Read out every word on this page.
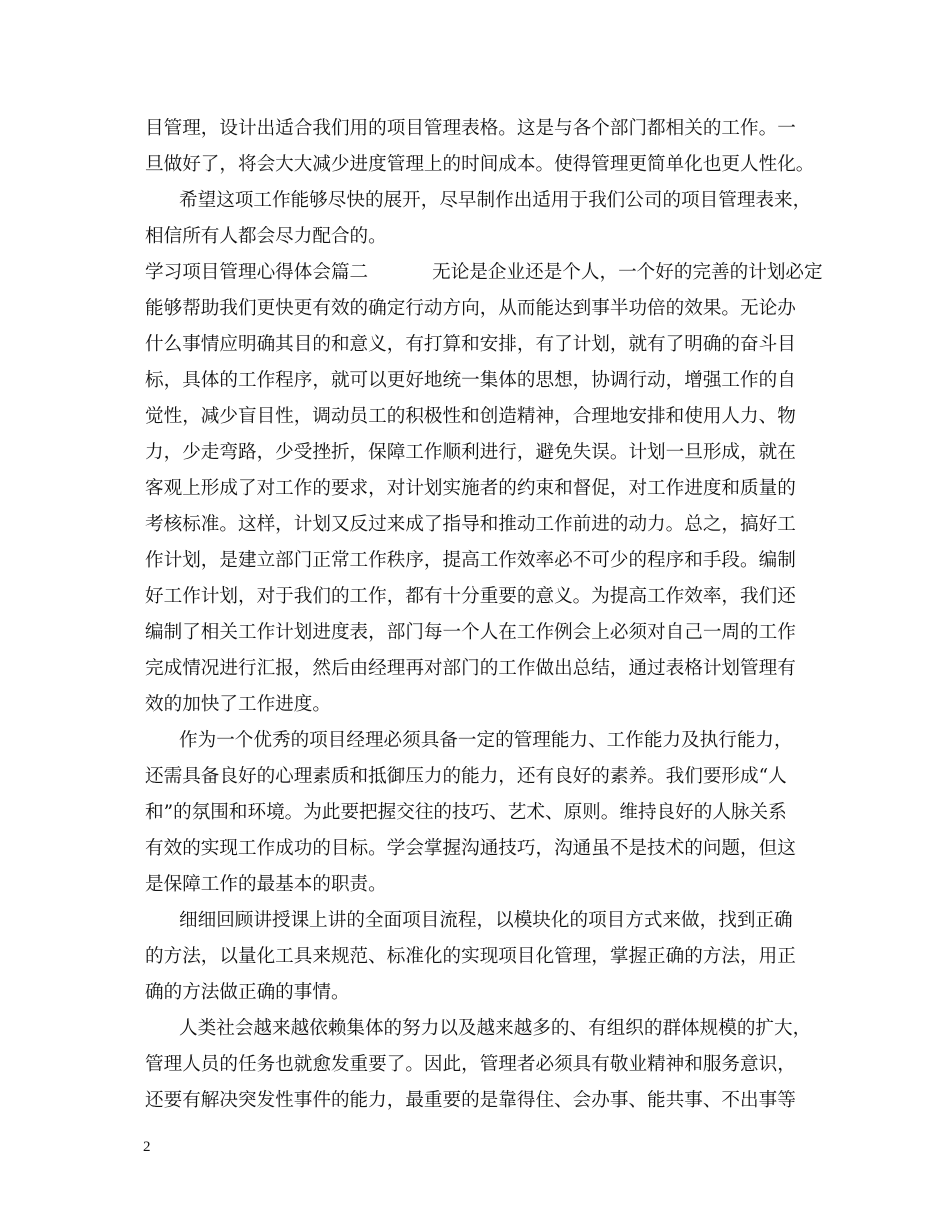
目管理，设计出适合我们用的项目管理表格。这是与各个部门都相关的工作。一
旦做好了，将会大大减少进度管理上的时间成本。使得管理更简单化也更人性化。
希望这项工作能够尽快的展开，尽早制作出适用于我们公司的项目管理表来，
相信所有人都会尽力配合的。
学习项目管理心得体会篇二	无论是企业还是个人，一个好的完善的计划必定
能够帮助我们更快更有效的确定行动方向，从而能达到事半功倍的效果。无论办
什么事情应明确其目的和意义，有打算和安排，有了计划，就有了明确的奋斗目
标，具体的工作程序，就可以更好地统一集体的思想，协调行动，增强工作的自
觉性，减少盲目性，调动员工的积极性和创造精神，合理地安排和使用人力、物
力，少走弯路，少受挫折，保障工作顺利进行，避免失误。计划一旦形成，就在
客观上形成了对工作的要求，对计划实施者的约束和督促，对工作进度和质量的
考核标准。这样，计划又反过来成了指导和推动工作前进的动力。总之，搞好工
作计划，是建立部门正常工作秩序，提高工作效率必不可少的程序和手段。编制
好工作计划，对于我们的工作，都有十分重要的意义。为提高工作效率，我们还
编制了相关工作计划进度表，部门每一个人在工作例会上必须对自己一周的工作
完成情况进行汇报，然后由经理再对部门的工作做出总结，通过表格计划管理有
效的加快了工作进度。
作为一个优秀的项目经理必须具备一定的管理能力、工作能力及执行能力，
还需具备良好的心理素质和抵御压力的能力，还有良好的素养。我们要形成“人
和”的氛围和环境。为此要把握交往的技巧、艺术、原则。维持良好的人脉关系
有效的实现工作成功的目标。学会掌握沟通技巧，沟通虽不是技术的问题，但这
是保障工作的最基本的职责。
细细回顾讲授课上讲的全面项目流程，以模块化的项目方式来做，找到正确
的方法，以量化工具来规范、标准化的实现项目化管理，掌握正确的方法，用正
确的方法做正确的事情。
人类社会越来越依赖集体的努力以及越来越多的、有组织的群体规模的扩大，
管理人员的任务也就愈发重要了。因此，管理者必须具有敬业精神和服务意识，
还要有解决突发性事件的能力，最重要的是靠得住、会办事、能共事、不出事等
2
